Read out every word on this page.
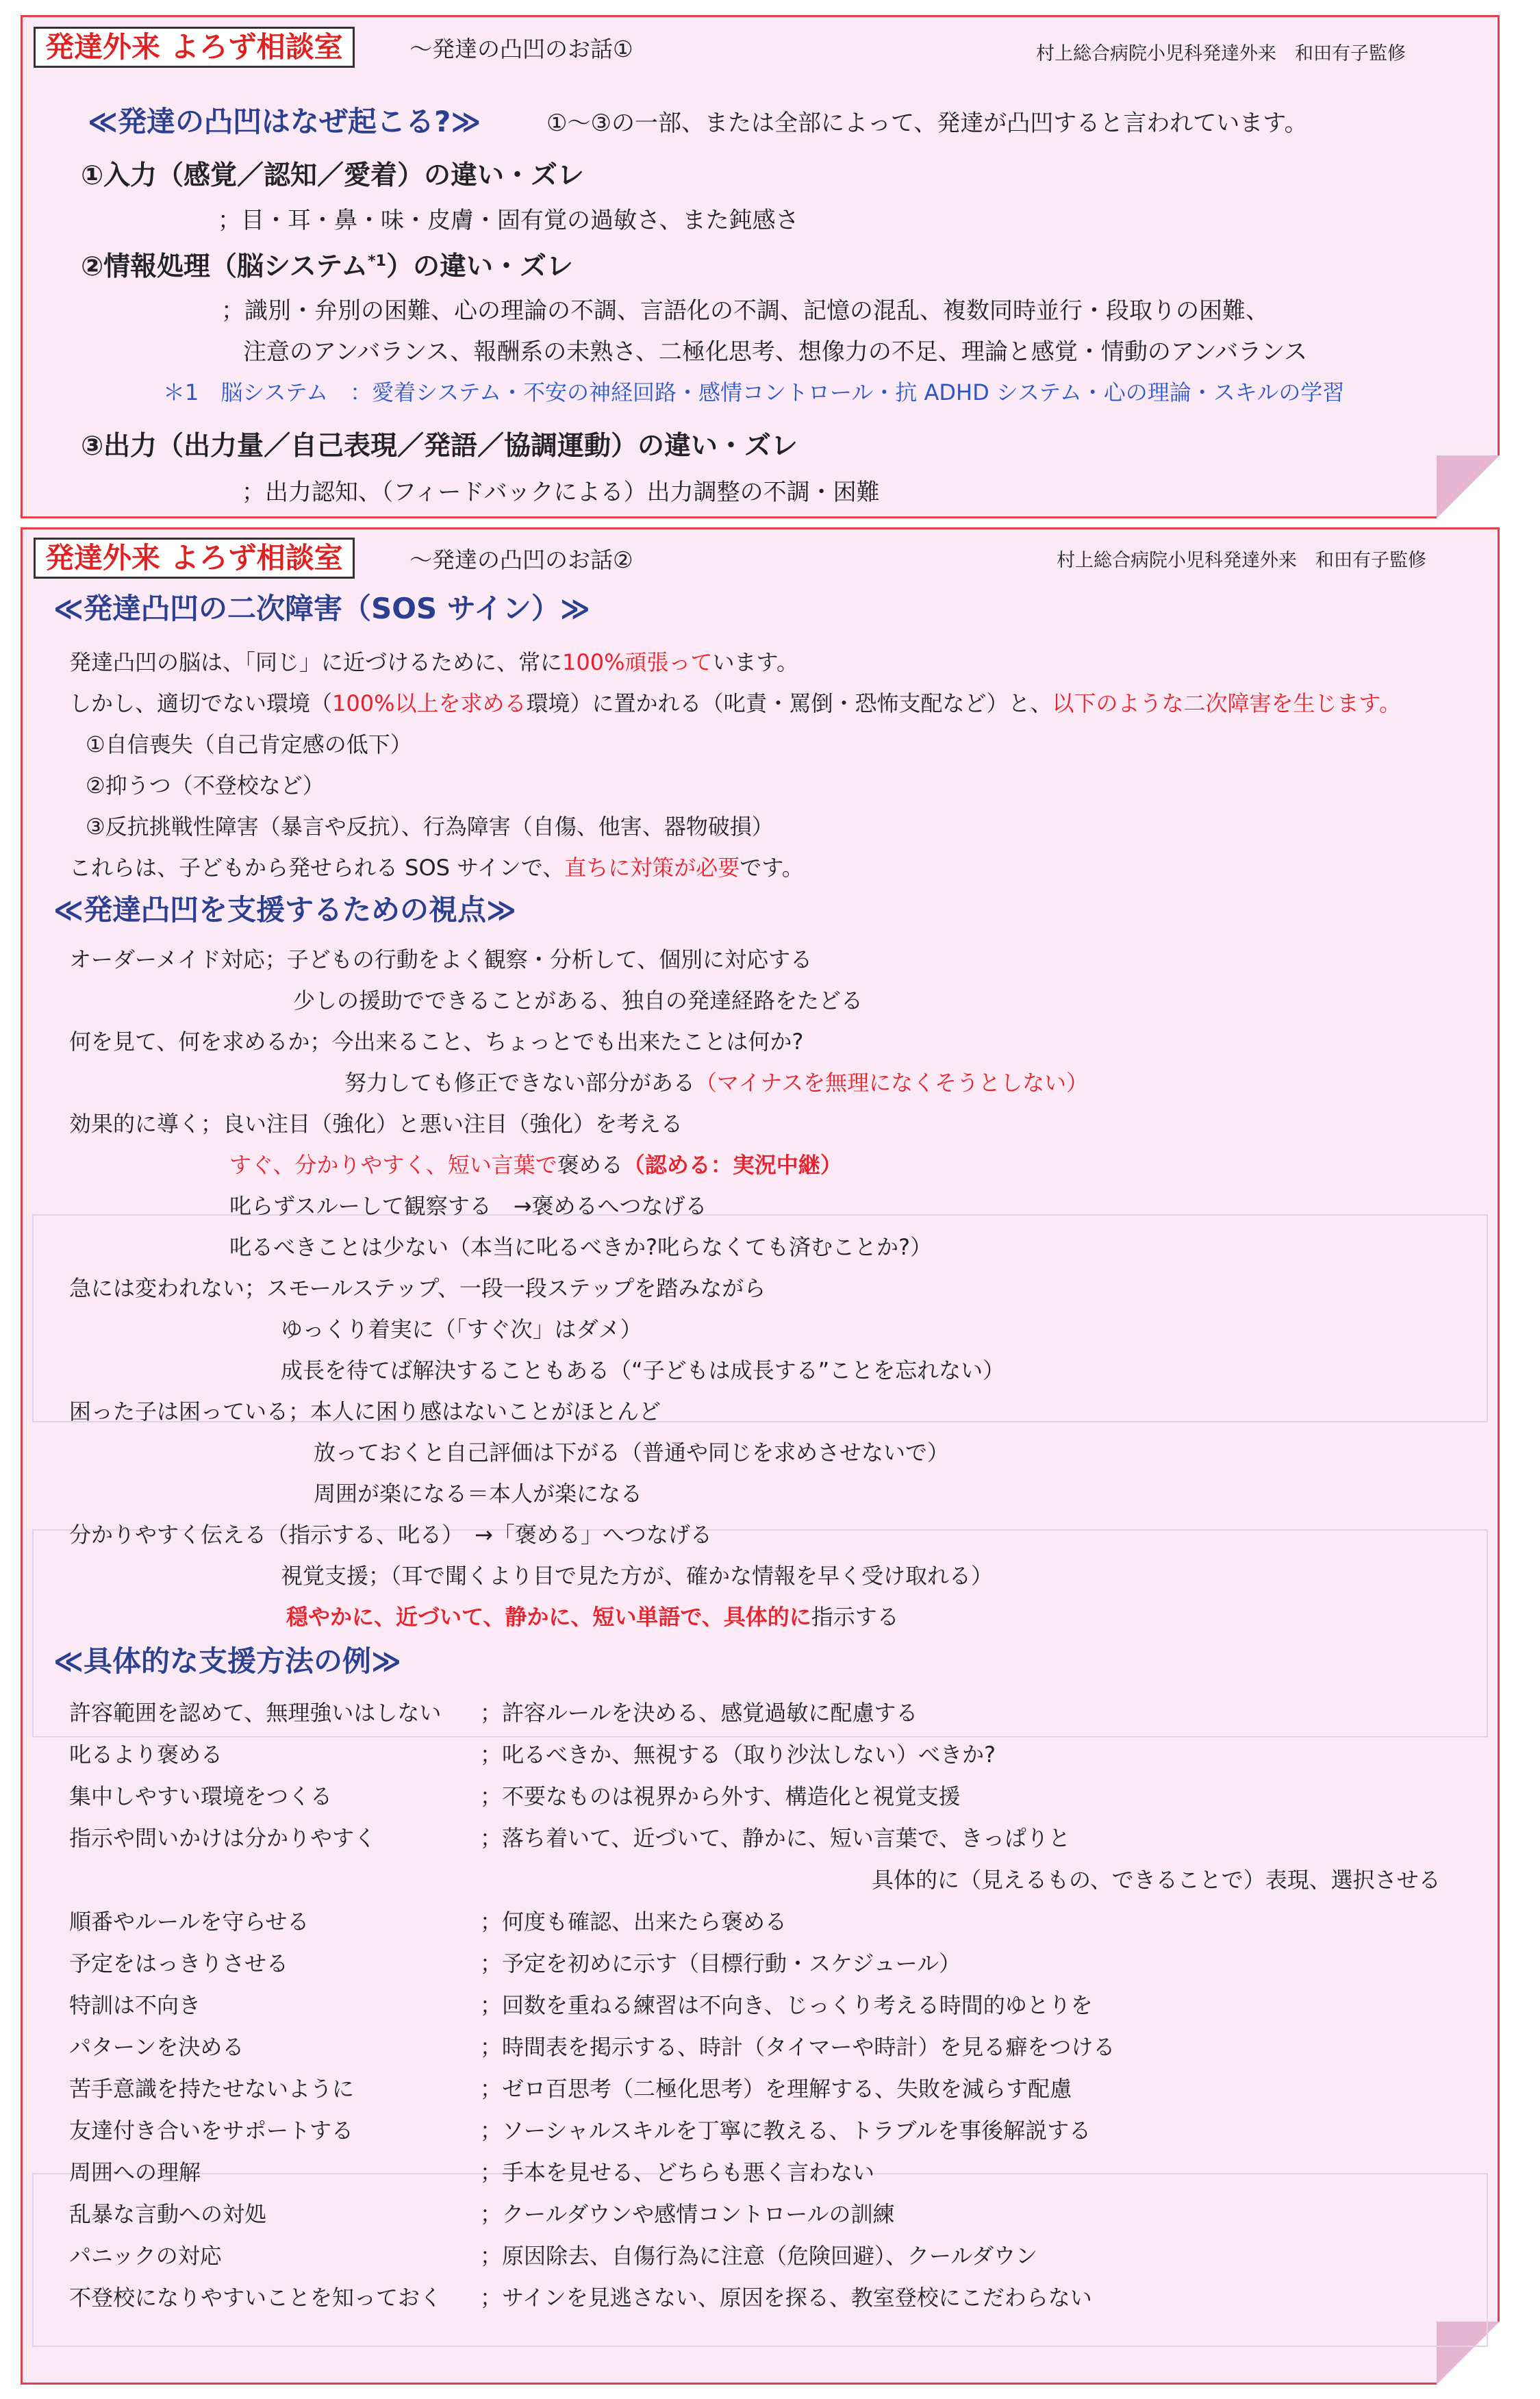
発達外来 よろず相談室	～発達の凸凹のお話①	村上総合病院小児科発達外来　和田有子監修
≪発達の凸凹はなぜ起こる?≫	①～③の一部、または全部によって、発達が凸凹すると言われています。
①入力（感覚／認知／愛着）の違い・ズレ
；目・耳・鼻・味・皮膚・固有覚の過敏さ、また鈍感さ
②情報処理（脳システム$^{*1}$）の違い・ズレ
；識別・弁別の困難、心の理論の不調、言語化の不調、記憶の混乱、複数同時並行・段取りの困難、
注意のアンバランス、報酬系の未熟さ、二極化思考、想像力の不足、理論と感覚・情動のアンバランス
＊1　脳システム　：愛着システム・不安の神経回路・感情コントロール・抗 ADHD システム・心の理論・スキルの学習
③出力（出力量／自己表現／発語／協調運動）の違い・ズレ
；出力認知、（フィードバックによる）出力調整の不調・困難
発達外来 よろず相談室	～発達の凸凹のお話②	村上総合病院小児科発達外来　和田有子監修
≪発達凸凹の二次障害（SOS サイン）≫
発達凸凹の脳は、「同じ」に近づけるために、常に100%頑張っています。
しかし、適切でない環境（100%以上を求める環境）に置かれる（叱責・罵倒・恐怖支配など）と、以下のような二次障害を生じます。
①自信喪失（自己肯定感の低下）
②抑うつ（不登校など）
③反抗挑戦性障害（暴言や反抗）、行為障害（自傷、他害、器物破損）
これらは、子どもから発せられる SOS サインで、直ちに対策が必要です。
≪発達凸凹を支援するための視点≫
オーダーメイド対応；子どもの行動をよく観察・分析して、個別に対応する
少しの援助でできることがある、独自の発達経路をたどる
何を見て、何を求めるか；今出来ること、ちょっとでも出来たことは何か?
努力しても修正できない部分がある（マイナスを無理になくそうとしない）
効果的に導く；良い注目（強化）と悪い注目（強化）を考える
すぐ、分かりやすく、短い言葉で褒める（認める：実況中継）
叱らずスルーして観察する　→褒めるへつなげる
叱るべきことは少ない（本当に叱るべきか?叱らなくても済むことか?）
急には変われない；スモールステップ、一段一段ステップを踏みながら
ゆっくり着実に（「すぐ次」はダメ）
成長を待てば解決することもある（“子どもは成長する”ことを忘れない）
困った子は困っている；本人に困り感はないことがほとんど
放っておくと自己評価は下がる（普通や同じを求めさせないで）
周囲が楽になる＝本人が楽になる
分かりやすく伝える（指示する、叱る）　→「褒める」へつなげる
視覚支援；（耳で聞くより目で見た方が、確かな情報を早く受け取れる）
穏やかに、近づいて、静かに、短い単語で、具体的に指示する
≪具体的な支援方法の例≫
許容範囲を認めて、無理強いはしない ；許容ルールを決める、感覚過敏に配慮する
叱るより褒める	；叱るべきか、無視する（取り沙汰しない）べきか?
集中しやすい環境をつくる	；不要なものは視界から外す、構造化と視覚支援
指示や問いかけは分かりやすく	；落ち着いて、近づいて、静かに、短い言葉で、きっぱりと
具体的に（見えるもの、できることで）表現、選択させる
順番やルールを守らせる	；何度も確認、出来たら褒める
予定をはっきりさせる	；予定を初めに示す（目標行動・スケジュール）
特訓は不向き	；回数を重ねる練習は不向き、じっくり考える時間的ゆとりを
パターンを決める	；時間表を掲示する、時計（タイマーや時計）を見る癖をつける
苦手意識を持たせないように	；ゼロ百思考（二極化思考）を理解する、失敗を減らす配慮
友達付き合いをサポートする	；ソーシャルスキルを丁寧に教える、トラブルを事後解説する
周囲への理解	；手本を見せる、どちらも悪く言わない
乱暴な言動への対処	；クールダウンや感情コントロールの訓練
パニックの対応	；原因除去、自傷行為に注意（危険回避）、クールダウン
不登校になりやすいことを知っておく ；サインを見逃さない、原因を探る、教室登校にこだわらない
